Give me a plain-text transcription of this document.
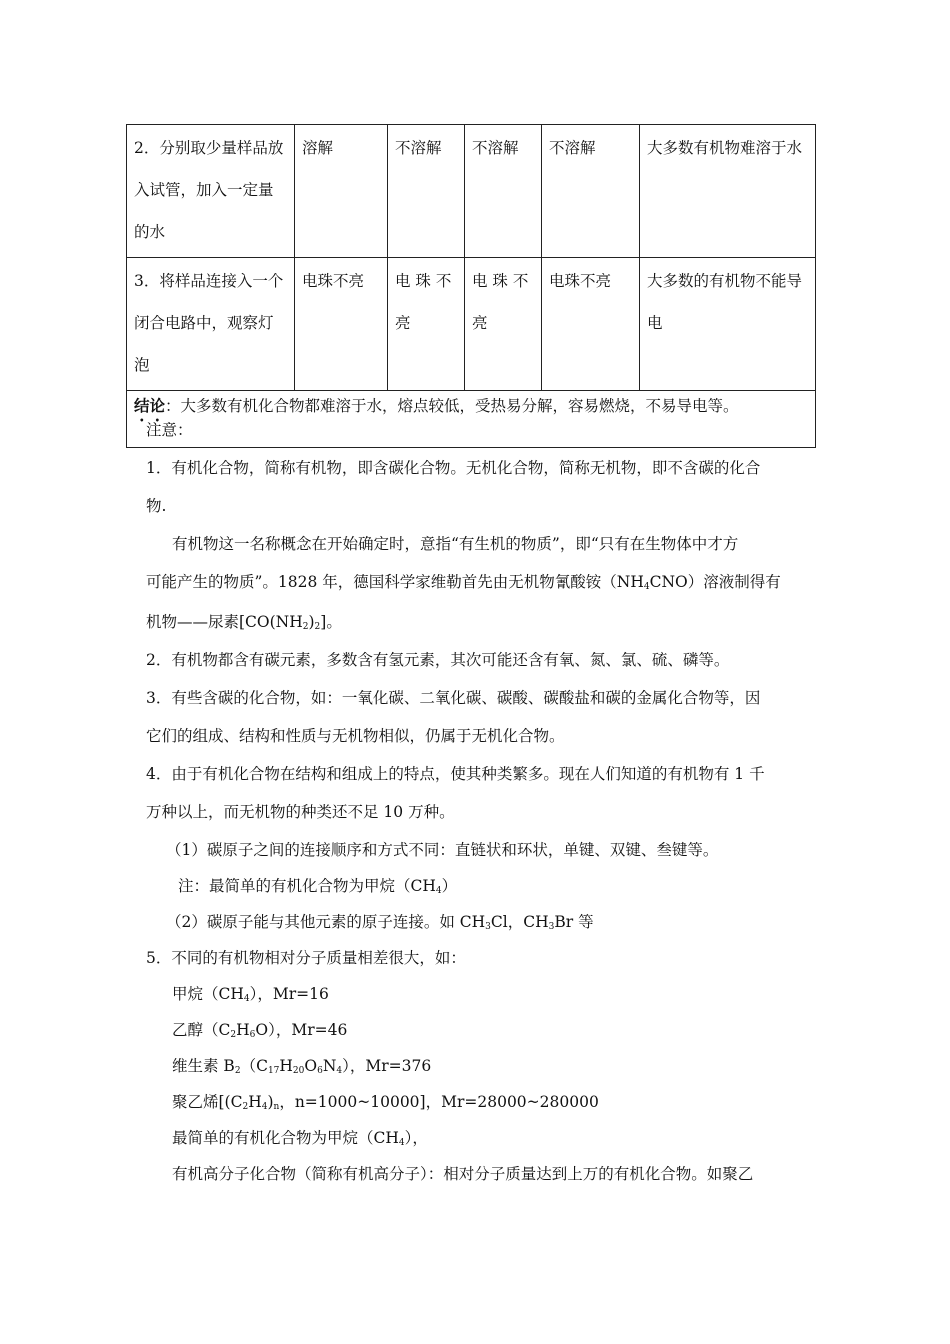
2．分别取少量样品放入试管，加入一定量的水	溶解	不溶解	不溶解	不溶解	大多数有机物难溶于水
3．将样品连接入一个闭合电路中，观察灯泡	电珠不亮	电 珠 不 亮	电 珠 不 亮	电珠不亮	大多数的有机物不能导电
结论：大多数有机化合物都难溶于水，熔点较低，受热易分解，容易燃烧，不易导电等。					
注意：
1．有机化合物，简称有机物，即含碳化合物。无机化合物，简称无机物，即不含碳的化合
物.
有机物这一名称概念在开始确定时，意指“有生机的物质”，即“只有在生物体中才方
可能产生的物质”。1828 年，德国科学家维勒首先由无机物氰酸铵$(NH_4CNO)$溶液制得有
机物——尿素$[CO(NH_2)_2]$。
2．有机物都含有碳元素，多数含有氢元素，其次可能还含有氧、氮、氯、硫、磷等。
3．有些含碳的化合物，如：一氧化碳、二氧化碳、碳酸、碳酸盐和碳的金属化合物等，因
它们的组成、结构和性质与无机物相似，仍属于无机化合物。
4．由于有机化合物在结构和组成上的特点，使其种类繁多。现在人们知道的有机物有 1 千
万种以上，而无机物的种类还不足 10 万种。
（1）碳原子之间的连接顺序和方式不同：直链状和环状，单键、双键、叁键等。
注：最简单的有机化合物为甲烷$(CH_4)$
（2）碳原子能与其他元素的原子连接。如 $CH_3Cl$，$CH_3Br$ 等
5．不同的有机物相对分子质量相差很大，如：
甲烷$(CH_4)$，Mr=16
乙醇$(C_2H_6O)$，Mr=46
维生素 $B_2(C_{17}H_{20}O_6N_4)$，Mr=376
聚乙烯[$(C_2H_4)_n$，n=1000~10000]，Mr=28000~280000
最简单的有机化合物为甲烷$(CH_4)$，
有机高分子化合物（简称有机高分子）：相对分子质量达到上万的有机化合物。如聚乙
